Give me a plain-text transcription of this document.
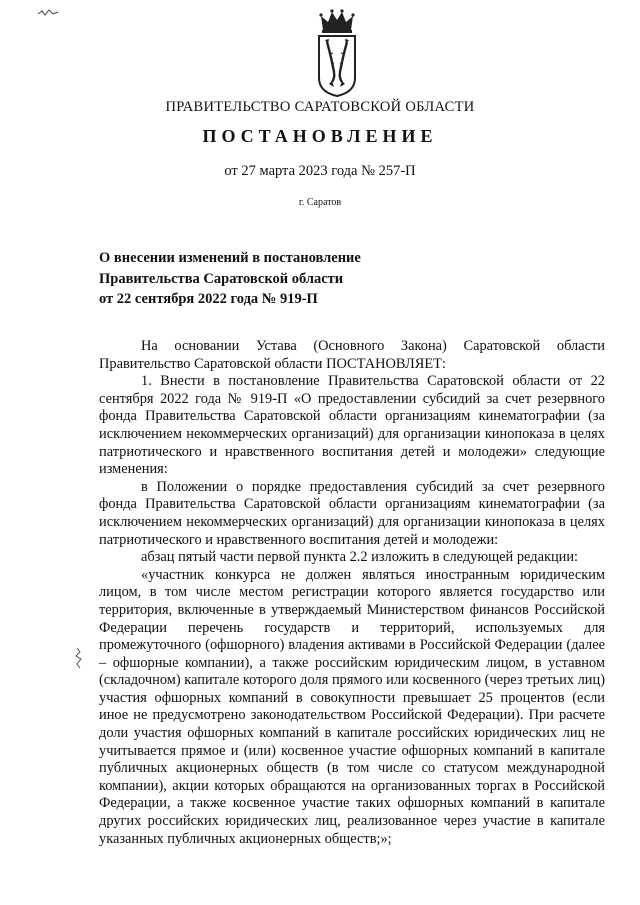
ПРАВИТЕЛЬСТВО САРАТОВСКОЙ ОБЛАСТИ
ПОСТАНОВЛЕНИЕ
от 27 марта 2023 года № 257-П
г. Саратов
О внесении изменений в постановление
Правительства Саратовской области
от 22 сентября 2022 года № 919-П

На основании Устава (Основного Закона) Саратовской области Правительство Саратовской области ПОСТАНОВЛЯЕТ:

1. Внести в постановление Правительства Саратовской области от 22 сентября 2022 года № 919-П «О предоставлении субсидий за счет резервного фонда Правительства Саратовской области организациям кинематографии (за исключением некоммерческих организаций) для организации кинопоказа в целях патриотического и нравственного воспитания детей и молодежи» следующие изменения:

в Положении о порядке предоставления субсидий за счет резервного фонда Правительства Саратовской области организациям кинематографии (за исключением некоммерческих организаций) для организации кинопоказа в целях патриотического и нравственного воспитания детей и молодежи:

абзац пятый части первой пункта 2.2 изложить в следующей редакции:

«участник конкурса не должен являться иностранным юридическим лицом, в том числе местом регистрации которого является государство или территория, включенные в утверждаемый Министерством финансов Российской Федерации перечень государств и территорий, используемых для промежуточного (офшорного) владения активами в Российской Федерации (далее – офшорные компании), а также российским юридическим лицом, в уставном (складочном) капитале которого доля прямого или косвенного (через третьих лиц) участия офшорных компаний в совокупности превышает 25 процентов (если иное не предусмотрено законодательством Российской Федерации). При расчете доли участия офшорных компаний в капитале российских юридических лиц не учитывается прямое и (или) косвенное участие офшорных компаний в капитале публичных акционерных обществ (в том числе со статусом международной компании), акции которых обращаются на организованных торгах в Российской Федерации, а также косвенное участие таких офшорных компаний в капитале других российских юридических лиц, реализованное через участие в капитале указанных публичных акционерных обществ;»;
